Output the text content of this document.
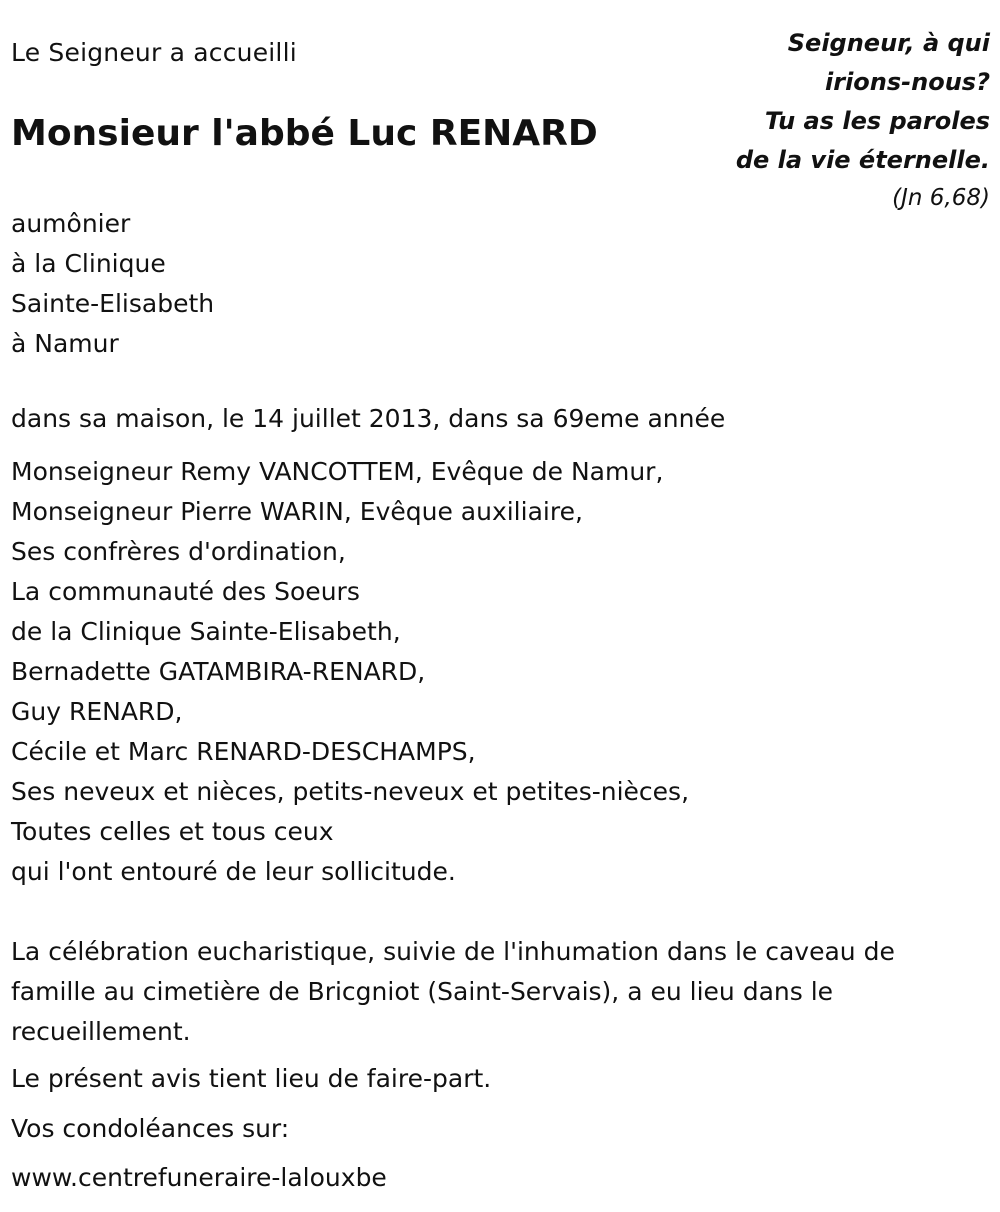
Le Seigneur a accueilli
Monsieur l'abbé Luc RENARD
Seigneur, à qui
irions-nous?
Tu as les paroles
de la vie éternelle.
(Jn 6,68)
aumônier
à la Clinique
Sainte-Elisabeth
à Namur
dans sa maison, le 14 juillet 2013, dans sa 69eme année
Monseigneur Remy VANCOTTEM, Evêque de Namur,
Monseigneur Pierre WARIN, Evêque auxiliaire,
Ses confrères d'ordination,
La communauté des Soeurs
de la Clinique Sainte-Elisabeth,
Bernadette GATAMBIRA-RENARD,
Guy RENARD,
Cécile et Marc RENARD-DESCHAMPS,
Ses neveux et nièces, petits-neveux et petites-nièces,
Toutes celles et tous ceux
qui l'ont entouré de leur sollicitude.
La célébration eucharistique, suivie de l'inhumation dans le caveau de famille au cimetière de Bricgniot (Saint-Servais), a eu lieu dans le recueillement.
Le présent avis tient lieu de faire-part.
Vos condoléances sur:
www.centrefuneraire-lalouxbe
